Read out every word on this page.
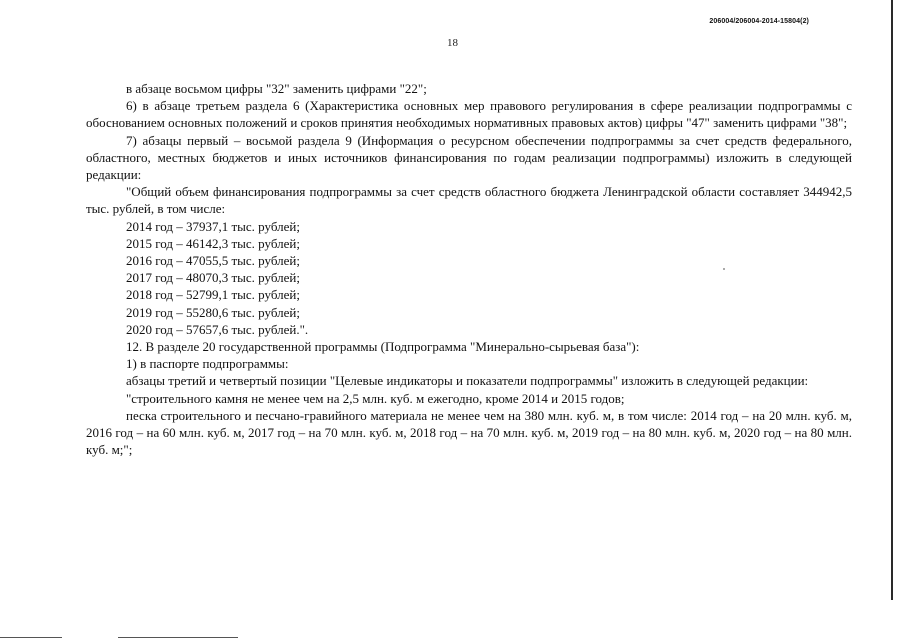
206004/206004-2014-15804(2)
18

в абзаце восьмом цифры "32" заменить цифрами "22";

6) в абзаце третьем раздела 6 (Характеристика основных мер правового регулирования в сфере реализации подпрограммы с обоснованием основных положений и сроков принятия необходимых нормативных правовых актов) цифры "47" заменить цифрами "38";

7) абзацы первый – восьмой раздела 9 (Информация о ресурсном обеспечении подпрограммы за счет средств федерального, областного, местных бюджетов и иных источников финансирования по годам реализации подпрограммы) изложить в следующей редакции:

"Общий объем финансирования подпрограммы за счет средств областного бюджета Ленинградской области составляет 344942,5 тыс. рублей, в том числе:

2014 год – 37937,1 тыс. рублей;

2015 год – 46142,3 тыс. рублей;

2016 год – 47055,5 тыс. рублей;

2017 год – 48070,3 тыс. рублей;

2018 год – 52799,1 тыс. рублей;

2019 год – 55280,6 тыс. рублей;

2020 год – 57657,6 тыс. рублей.".

12. В разделе 20 государственной программы (Подпрограмма "Минерально-сырьевая база"):

1) в паспорте подпрограммы:

абзацы третий и четвертый позиции "Целевые индикаторы и показатели подпрограммы" изложить в следующей редакции:

"строительного камня не менее чем на 2,5 млн. куб. м ежегодно, кроме 2014 и 2015 годов;

песка строительного и песчано-гравийного материала не менее чем на 380 млн. куб. м, в том числе: 2014 год – на 20 млн. куб. м, 2016 год – на 60 млн. куб. м, 2017 год – на 70 млн. куб. м, 2018 год – на 70 млн. куб. м, 2019 год – на 80 млн. куб. м, 2020 год – на 80 млн. куб. м;";
